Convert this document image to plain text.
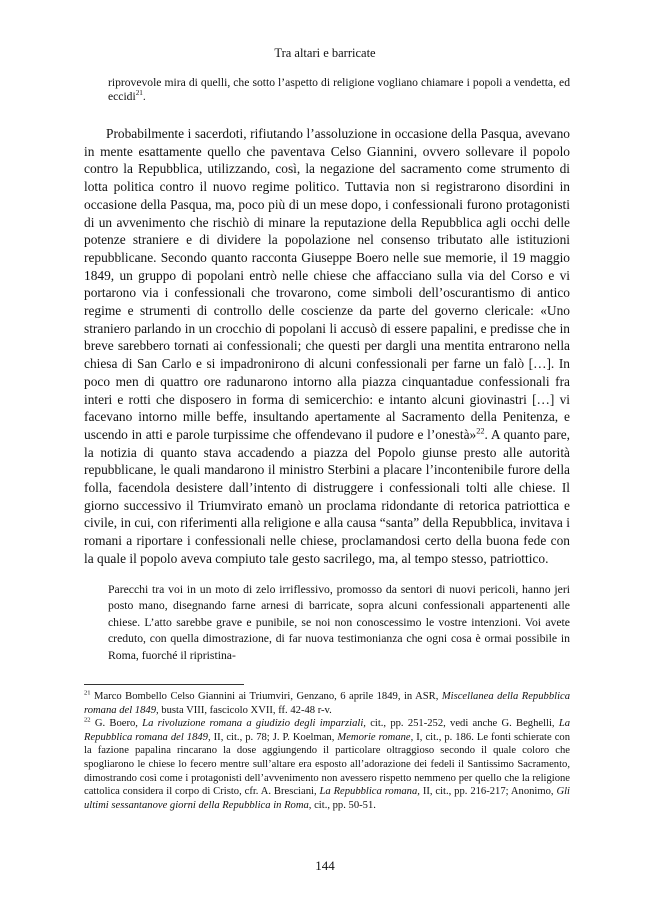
Tra altari e barricate
riprovevole mira di quelli, che sotto l’aspetto di religione vogliano chiamare i popoli a vendetta, ed eccidi$^{21}$.
Probabilmente i sacerdoti, rifiutando l’assoluzione in occasione della Pasqua, avevano in mente esattamente quello che paventava Celso Giannini, ovvero sollevare il popolo contro la Repubblica, utilizzando, così, la negazione del sacramento come strumento di lotta politica contro il nuovo regime politico. Tuttavia non si registrarono disordini in occasione della Pasqua, ma, poco più di un mese dopo, i confessionali furono protagonisti di un avvenimento che rischiò di minare la reputazione della Repubblica agli occhi delle potenze straniere e di dividere la popolazione nel consenso tributato alle istituzioni repubblicane. Secondo quanto racconta Giuseppe Boero nelle sue memorie, il 19 maggio 1849, un gruppo di popolani entrò nelle chiese che affacciano sulla via del Corso e vi portarono via i confessionali che trovarono, come simboli dell’oscurantismo di antico regime e strumenti di controllo delle coscienze da parte del governo clericale: «Uno straniero parlando in un crocchio di popolani li accusò di essere papalini, e predisse che in breve sarebbero tornati ai confessionali; che questi per dargli una mentita entrarono nella chiesa di San Carlo e si impadronirono di alcuni confessionali per farne un falò […]. In poco men di quattro ore radunarono intorno alla piazza cinquantadue confessionali fra interi e rotti che disposero in forma di semicerchio: e intanto alcuni giovinastri […] vi facevano intorno mille beffe, insultando apertamente al Sacramento della Penitenza, e uscendo in atti e parole turpissime che offendevano il pudore e l’onestà»$^{22}$. A quanto pare, la notizia di quanto stava accadendo a piazza del Popolo giunse presto alle autorità repubblicane, le quali mandarono il ministro Sterbini a placare l’incontenibile furore della folla, facendola desistere dall’intento di distruggere i confessionali tolti alle chiese. Il giorno successivo il Triumvirato emanò un proclama ridondante di retorica patriottica e civile, in cui, con riferimenti alla religione e alla causa “santa” della Repubblica, invitava i romani a riportare i confessionali nelle chiese, proclamandosi certo della buona fede con la quale il popolo aveva compiuto tale gesto sacrilego, ma, al tempo stesso, patriottico.
Parecchi tra voi in un moto di zelo irriflessivo, promosso da sentori di nuovi pericoli, hanno jeri posto mano, disegnando farne arnesi di barricate, sopra alcuni confessionali appartenenti alle chiese. L’atto sarebbe grave e punibile, se noi non conoscessimo le vostre intenzioni. Voi avete creduto, con quella dimostrazione, di far nuova testimonianza che ogni cosa è ormai possibile in Roma, fuorché il ripristina-

$^{21}$ Marco Bombello Celso Giannini ai Triumviri, Genzano, 6 aprile 1849, in ASR, Miscellanea della Repubblica romana del 1849, busta VIII, fascicolo XVII, ff. 42-48 r-v.

$^{22}$ G. Boero, La rivoluzione romana a giudizio degli imparziali, cit., pp. 251-252, vedi anche G. Beghelli, La Repubblica romana del 1849, II, cit., p. 78; J. P. Koelman, Memorie romane, I, cit., p. 186. Le fonti schierate con la fazione papalina rincarano la dose aggiungendo il particolare oltraggioso secondo il quale coloro che spogliarono le chiese lo fecero mentre sull’altare era esposto all’adorazione dei fedeli il Santissimo Sacramento, dimostrando così come i protagonisti dell’avvenimento non avessero rispetto nemmeno per quello che la religione cattolica considera il corpo di Cristo, cfr. A. Bresciani, La Repubblica romana, II, cit., pp. 216-217; Anonimo, Gli ultimi sessantanove giorni della Repubblica in Roma, cit., pp. 50-51.

144
